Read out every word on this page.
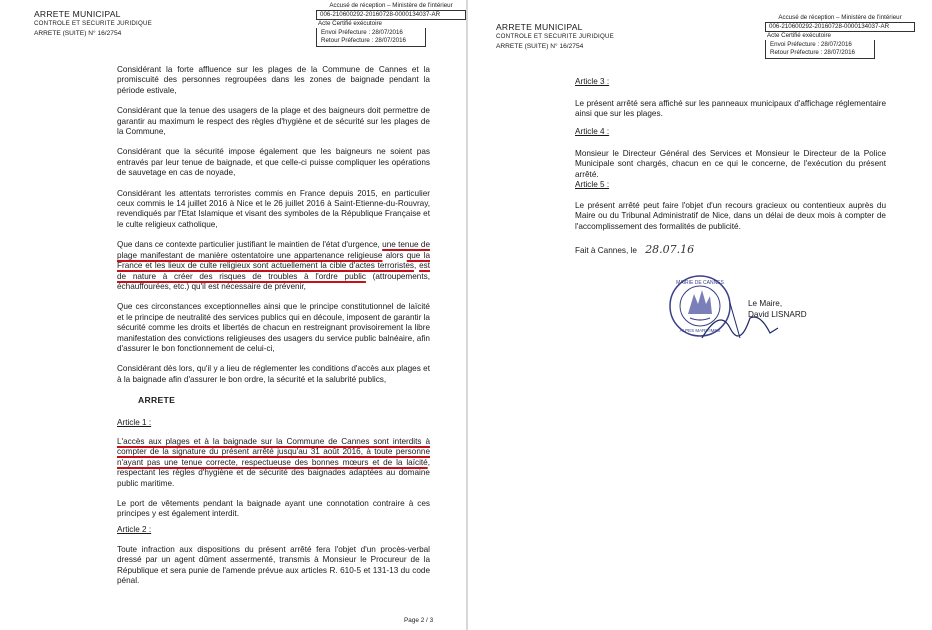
ARRETE MUNICIPAL
CONTROLE ET SECURITE JURIDIQUE
ARRETE (SUITE) N° 16/2754
Accusé de réception – Ministère de l'intérieur
006-210600292-20160728-0000134037-AR
Acte Certifié exécutoire
Envoi Préfecture : 28/07/2016
Retour Préfecture : 28/07/2016

Considérant la forte affluence sur les plages de la Commune de Cannes et la promiscuité des personnes regroupées dans les zones de baignade pendant la période estivale,

Considérant que la tenue des usagers de la plage et des baigneurs doit permettre de garantir au maximum le respect des règles d'hygiène et de sécurité sur les plages de la Commune,

Considérant que la sécurité impose également que les baigneurs ne soient pas entravés par leur tenue de baignade, et que celle-ci puisse compliquer les opérations de sauvetage en cas de noyade,

Considérant les attentats terroristes commis en France depuis 2015, en particulier ceux commis le 14 juillet 2016 à Nice et le 26 juillet 2016 à Saint-Etienne-du-Rouvray, revendiqués par l'Etat Islamique et visant des symboles de la République Française et le culte religieux catholique,

Que dans ce contexte particulier justifiant le maintien de l'état d'urgence, une tenue de plage manifestant de manière ostentatoire une appartenance religieuse alors que la France et les lieux de culte religieux sont actuellement la cible d'actes terroristes, est de nature à créer des risques de troubles à l'ordre public (attroupements, échauffourées, etc.) qu'il est nécessaire de prévenir,

Que ces circonstances exceptionnelles ainsi que le principe constitutionnel de laïcité et le principe de neutralité des services publics qui en découle, imposent de garantir la sécurité comme les droits et libertés de chacun en restreignant provisoirement la libre manifestation des convictions religieuses des usagers du service public balnéaire, afin d'assurer le bon fonctionnement de celui-ci,

Considérant dès lors, qu'il y a lieu de réglementer les conditions d'accès aux plages et à la baignade afin d'assurer le bon ordre, la sécurité et la salubrité publics,

ARRETE
Article 1 :

L'accès aux plages et à la baignade sur la Commune de Cannes sont interdits à compter de la signature du présent arrêté jusqu'au 31 août 2016, à toute personne n'ayant pas une tenue correcte, respectueuse des bonnes mœurs et de la laïcité, respectant les règles d'hygiène et de sécurité des baignades adaptées au domaine public maritime.

Le port de vêtements pendant la baignade ayant une connotation contraire à ces principes y est également interdit.

Article 2 :
Toute infraction aux dispositions du présent arrêté fera l'objet d'un procès-verbal dressé par un agent dûment assermenté, transmis à Monsieur le Procureur de la République et sera punie de l'amende prévue aux articles R. 610-5 et 131-13 du code pénal.
Page 2 / 3
ARRETE MUNICIPAL
CONTROLE ET SECURITE JURIDIQUE
ARRETE (SUITE) N° 16/2754
Accusé de réception – Ministère de l'intérieur
006-210600292-20160728-0000134037-AR
Acte Certifié exécutoire
Envoi Préfecture : 28/07/2016
Retour Préfecture : 28/07/2016
Article 3 :
Le présent arrêté sera affiché sur les panneaux municipaux d'affichage réglementaire ainsi que sur les plages.
Article 4 :
Monsieur le Directeur Général des Services et Monsieur le Directeur de la Police Municipale sont chargés, chacun en ce qui le concerne, de l'exécution du présent arrêté.
Article 5 :
Le présent arrêté peut faire l'objet d'un recours gracieux ou contentieux auprès du Maire ou du Tribunal Administratif de Nice, dans un délai de deux mois à compter de l'accomplissement des formalités de publicité.
Fait à Cannes, le 28.07.16
MAIRIE DE CANNES
ALPES MARITIMES
Le Maire,
David LISNARD
